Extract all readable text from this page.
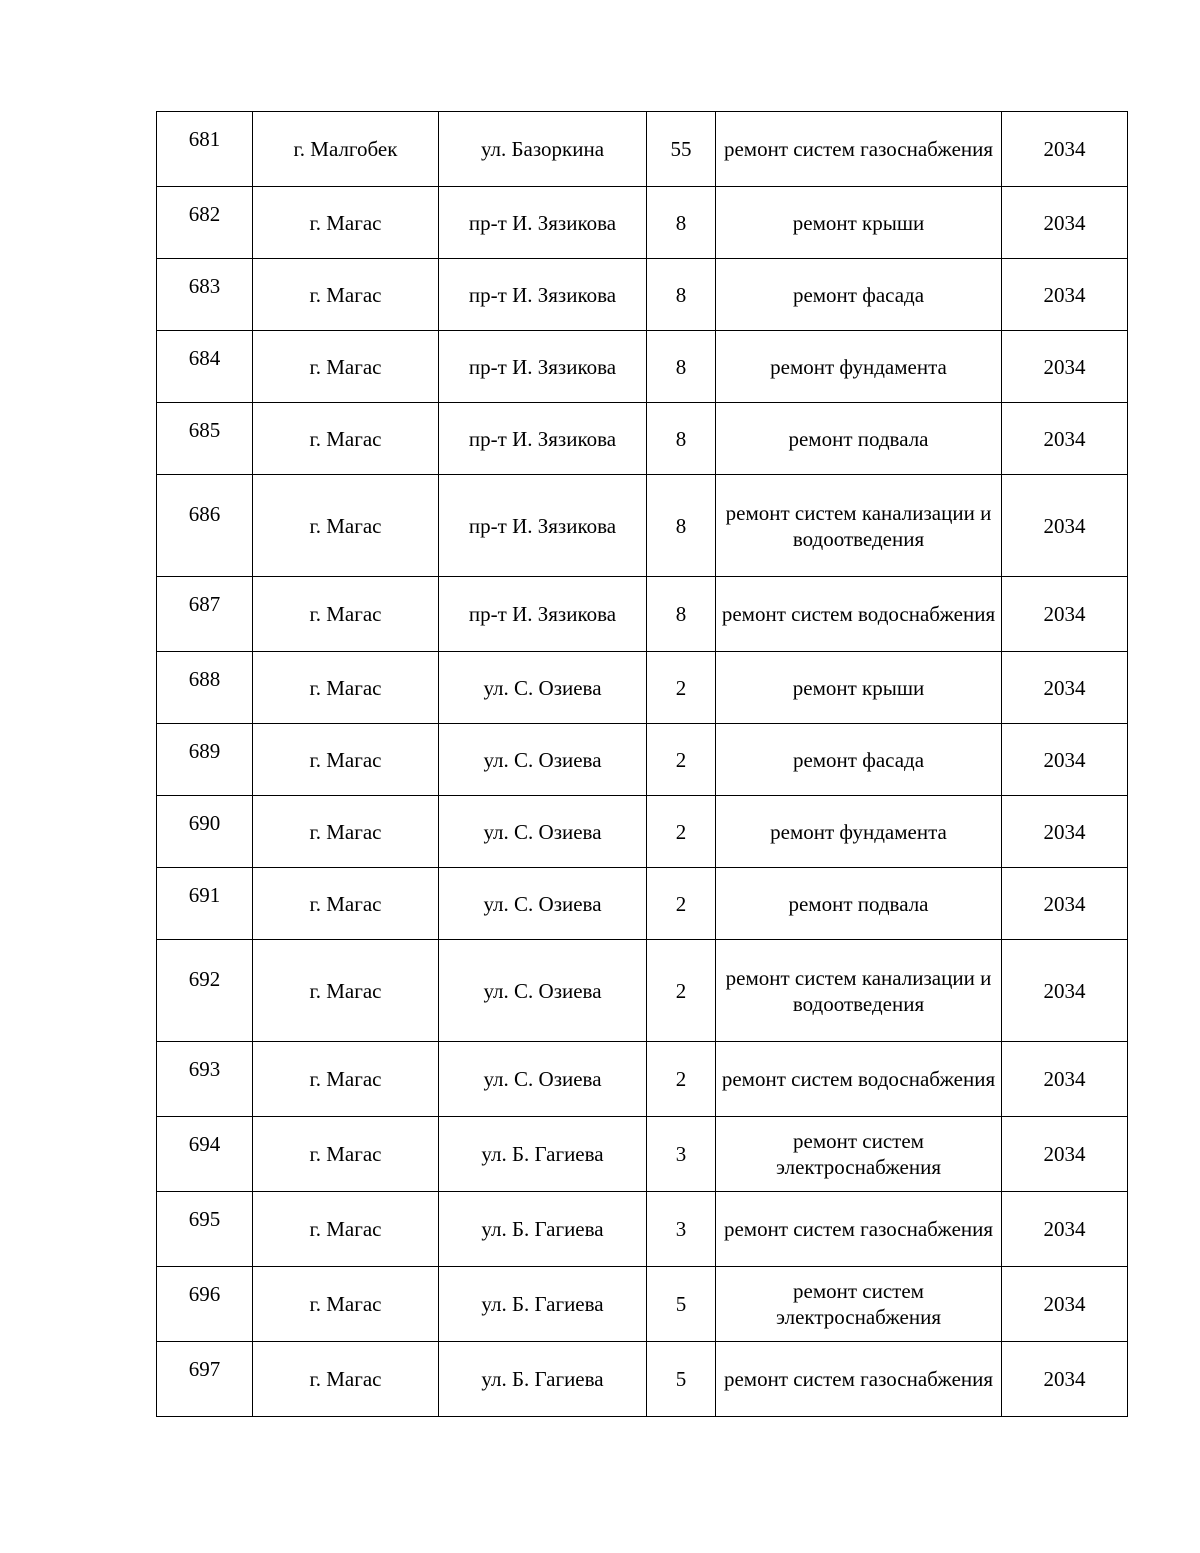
681	г. Малгобек	ул. Базоркина	55	ремонт систем газоснабжения	2034
682	г. Магас	пр-т И. Зязикова	8	ремонт крыши	2034
683	г. Магас	пр-т И. Зязикова	8	ремонт фасада	2034
684	г. Магас	пр-т И. Зязикова	8	ремонт фундамента	2034
685	г. Магас	пр-т И. Зязикова	8	ремонт подвала	2034
686	г. Магас	пр-т И. Зязикова	8	ремонт систем канализации и водоотведения	2034
687	г. Магас	пр-т И. Зязикова	8	ремонт систем водоснабжения	2034
688	г. Магас	ул. С. Озиева	2	ремонт крыши	2034
689	г. Магас	ул. С. Озиева	2	ремонт фасада	2034
690	г. Магас	ул. С. Озиева	2	ремонт фундамента	2034
691	г. Магас	ул. С. Озиева	2	ремонт подвала	2034
692	г. Магас	ул. С. Озиева	2	ремонт систем канализации и водоотведения	2034
693	г. Магас	ул. С. Озиева	2	ремонт систем водоснабжения	2034
694	г. Магас	ул. Б. Гагиева	3	ремонт систем электроснабжения	2034
695	г. Магас	ул. Б. Гагиева	3	ремонт систем газоснабжения	2034
696	г. Магас	ул. Б. Гагиева	5	ремонт систем электроснабжения	2034
697	г. Магас	ул. Б. Гагиева	5	ремонт систем газоснабжения	2034
